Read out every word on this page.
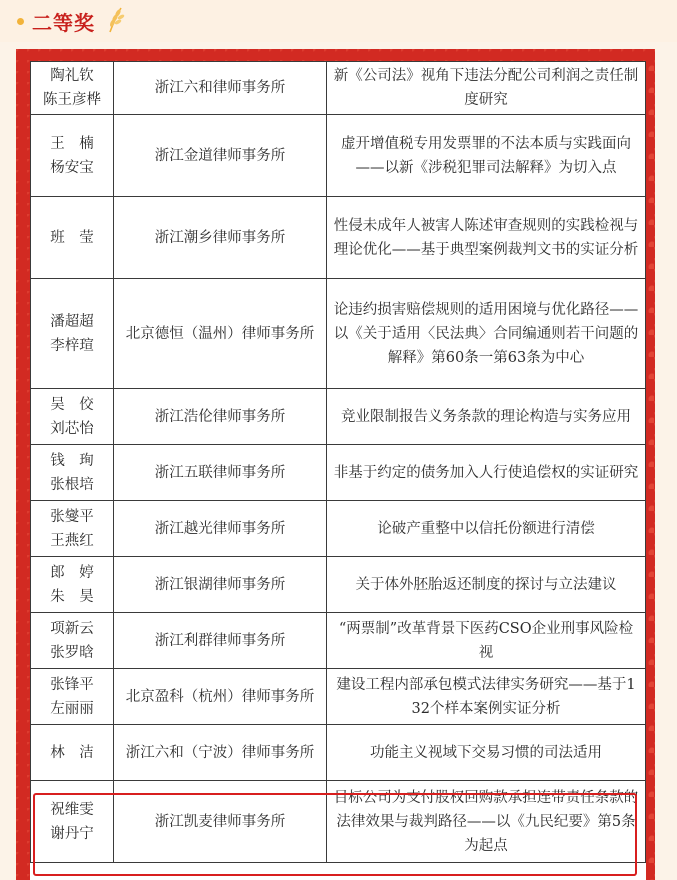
二等奖
陶礼钦
陈王彦桦	浙江六和律师事务所	新《公司法》视角下违法分配公司利润之责任制度研究

王　楠
杨安宝	浙江金道律师事务所	虚开增值税专用发票罪的不法本质与实践面向——以新《涉税犯罪司法解释》为切入点

班　莹	浙江潮乡律师事务所	性侵未成年人被害人陈述审查规则的实践检视与理论优化——基于典型案例裁判文书的实证分析

潘超超
李梓瑄	北京德恒（温州）律师事务所	论违约损害赔偿规则的适用困境与优化路径——以《关于适用〈民法典〉合同编通则若干问题的解释》第60条一第63条为中心

吴　佼
刘芯怡	浙江浩伦律师事务所	竞业限制报告义务条款的理论构造与实务应用

钱　珣
张根培	浙江五联律师事务所	非基于约定的债务加入人行使追偿权的实证研究

张燮平
王燕红	浙江越光律师事务所	论破产重整中以信托份额进行清偿

郎　婷
朱　昊	浙江银湖律师事务所	关于体外胚胎返还制度的探讨与立法建议

项新云
张罗晗	浙江利群律师事务所	“两票制”改革背景下医药CSO企业刑事风险检视

张锋平
左丽丽	北京盈科（杭州）律师事务所	建设工程内部承包模式法律实务研究——基于132个样本案例实证分析

林　洁	浙江六和（宁波）律师事务所	功能主义视域下交易习惯的司法适用

祝维雯
谢丹宁	浙江凯麦律师事务所	目标公司为支付股权回购款承担连带责任条款的法律效果与裁判路径——以《九民纪要》第5条为起点
